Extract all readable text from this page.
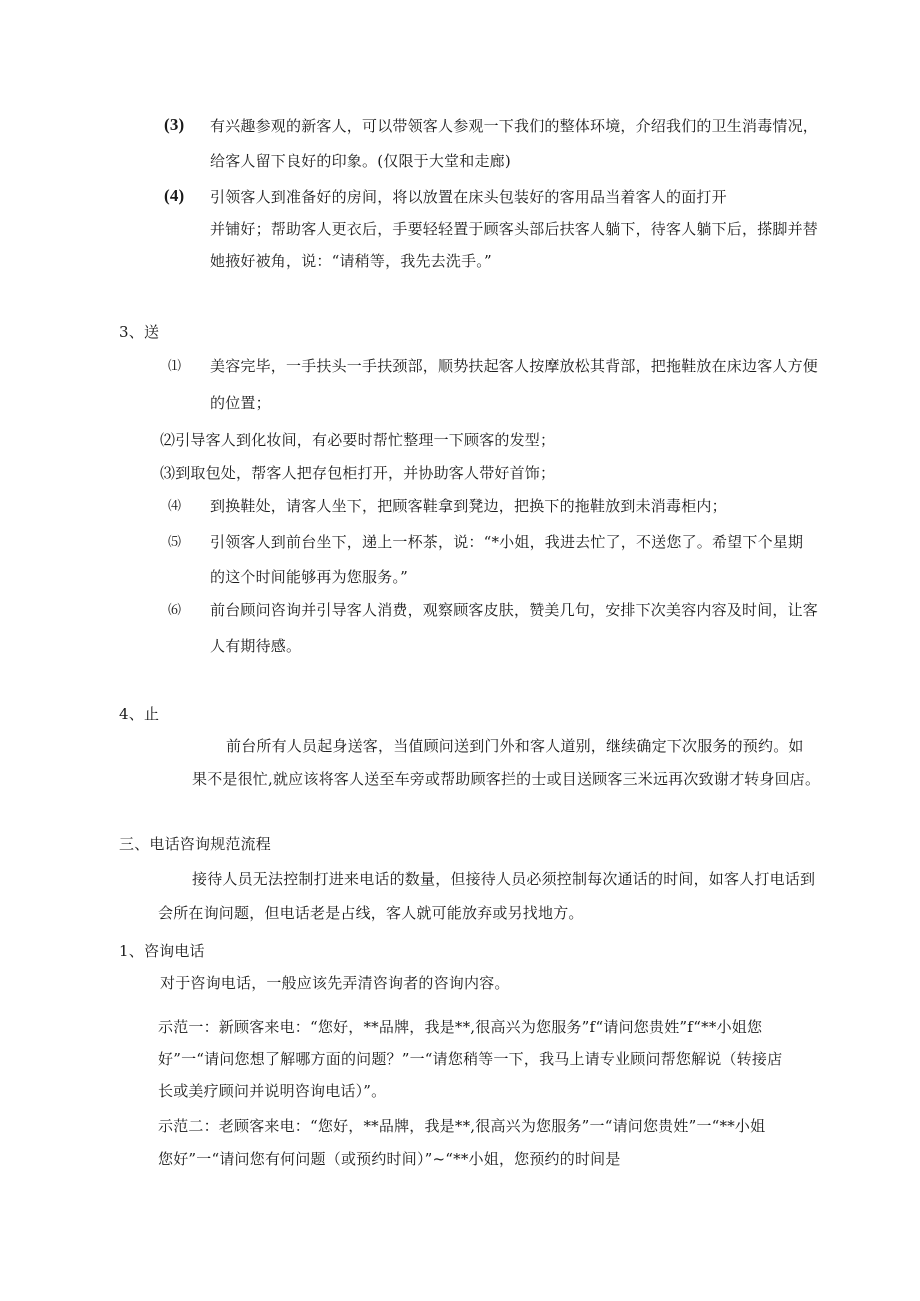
(3) 有兴趣参观的新客人，可以带领客人参观一下我们的整体环境，介绍我们的卫生消毒情况，
给客人留下良好的印象。(仅限于大堂和走廊)
(4) 引领客人到准备好的房间，将以放置在床头包装好的客用品当着客人的面打开
并铺好；帮助客人更衣后，手要轻轻置于顾客头部后扶客人躺下，待客人躺下后，搽脚并替
她掖好被角，说：“请稍等，我先去洗手。”
3、送
⑴ 美容完毕，一手扶头一手扶颈部，顺势扶起客人按摩放松其背部，把拖鞋放在床边客人方便
的位置；
⑵引导客人到化妆间，有必要时帮忙整理一下顾客的发型；
⑶到取包处，帮客人把存包柜打开，并协助客人带好首饰；
⑷ 到换鞋处，请客人坐下，把顾客鞋拿到凳边，把换下的拖鞋放到未消毒柜内；
⑸ 引领客人到前台坐下，递上一杯茶，说：“*小姐，我进去忙了，不送您了。希望下个星期
的这个时间能够再为您服务。”
⑹ 前台顾问咨询并引导客人消费，观察顾客皮肤，赞美几句，安排下次美容内容及时间，让客
人有期待感。
4、止
前台所有人员起身送客，当值顾问送到门外和客人道别，继续确定下次服务的预约。如
果不是很忙,就应该将客人送至车旁或帮助顾客拦的士或目送顾客三米远再次致谢才转身回店。
三、电话咨询规范流程
接待人员无法控制打进来电话的数量，但接待人员必须控制每次通话的时间，如客人打电话到
会所在询问题，但电话老是占线，客人就可能放弃或另找地方。
1、咨询电话
对于咨询电话，一般应该先弄清咨询者的咨询内容。
示范一：新顾客来电：“您好，**品牌，我是**,很高兴为您服务”f“请问您贵姓”f“**小姐您
好”一“请问您想了解哪方面的问题？”一“请您稍等一下，我马上请专业顾问帮您解说（转接店
长或美疗顾问并说明咨询电话）”。
示范二：老顾客来电：“您好，**品牌，我是**,很高兴为您服务”一“请问您贵姓”一“**小姐
您好”一“请问您有何问题（或预约时间）”~“**小姐，您预约的时间是
